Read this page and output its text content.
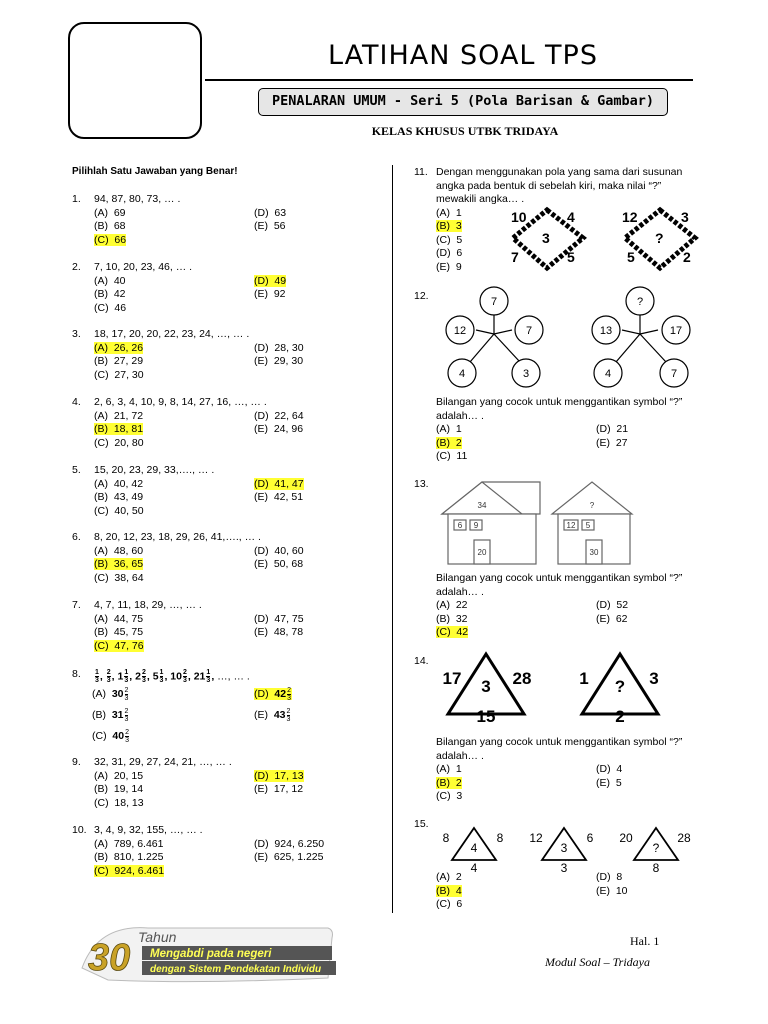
LATIHAN SOAL TPS
PENALARAN UMUM - Seri 5 (Pola Barisan & Gambar)
KELAS KHUSUS UTBK TRIDAYA
Pilihlah Satu Jawaban yang Benar!
1. 94, 87, 80, 73, … .
(A)  69
(B)  68
(C)  66
(D)  63
(E)  56
2. 7, 10, 20, 23, 46, … .
(A)  40
(B)  42
(C)  46
(D)  49
(E)  92
3. 18, 17, 20, 20, 22, 23, 24, …, … .
(A)  26, 26
(B)  27, 29
(C)  27, 30
(D)  28, 30
(E)  29, 30
4. 2, 6, 3, 4, 10, 9, 8, 14, 27, 16, …, … .
(A)  21, 72
(B)  18, 81
(C)  20, 80
(D)  22, 64
(E)  24, 96
5. 15, 20, 23, 29, 33,…., … .
(A)  40, 42
(B)  43, 49
(C)  40, 50
(D)  41, 47
(E)  42, 51
6. 8, 20, 12, 23, 18, 29, 26, 41,…., … .
(A)  48, 60
(B)  36, 65
(C)  38, 64
(D)  40, 60
(E)  50, 68
7. 4, 7, 11, 18, 29, …, … .
(A)  44, 75
(B)  45, 75
(C)  47, 76
(D)  47, 75
(E)  48, 78
9. 32, 31, 29, 27, 24, 21, …, … .
(A)  20, 15
(B)  19, 14
(C)  18, 13
(D)  17, 13
(E)  17, 12
10. 3, 4, 9, 32, 155, …, … .
(A)  789, 6.461
(B)  810, 1.225
(C)  924, 6.461
(D)  924, 6.250
(E)  625, 1.225
8. $\frac{1}{3}$ , $\frac{2}{3}$ , $1 \frac{1}{3}$ , $2 \frac{2}{3}$ , $5 \frac{1}{3}$ , $10 \frac{2}{3}$ , $21 \frac{1}{3}$ , …, … .
(A)  $30 \frac{2}{3}$
(B)  $31 \frac{2}{3}$
(C)  $40 \frac{2}{3}$
(D)  $42 \frac{2}{3}$
(E)  $43 \frac{2}{3}$
11. Dengan menggunakan pola yang sama dari susunan
angka pada bentuk di sebelah kiri, maka nilai “?”
mewakili angka… .
(A)  1
(B)  3
(C)  5
(D)  6
(E)  9
10	4
3
7	5
12	3
?
5	2
12.	7
12	7
4	3
?
13	17
4	7
Bilangan yang cocok untuk menggantikan symbol “?”
adalah… .
(A)  1
(B)  2
(C)  11
(D)  21
(E)  27
13.
34
6 9
20
?
12 5
30
Bilangan yang cocok untuk menggantikan symbol “?”
adalah… .
(A)  22
(B)  32
(C)  42
(D)  52
(E)  62
14.
17 3 28
15
1 ? 3
2
Bilangan yang cocok untuk menggantikan symbol “?”
adalah… .
(A)  1
(B)  2
(C)  3
(D)  4
(E)  5
15.
8
4
8
4
12
3
6
3
20
?
28
8
(A)  2
(B)  4
(C)  6
(D)  8
(E)  10
30 Tahun
Mengabdi pada negeri
dengan Sistem Pendekatan Individu
Hal. 1
Modul Soal – Tridaya
